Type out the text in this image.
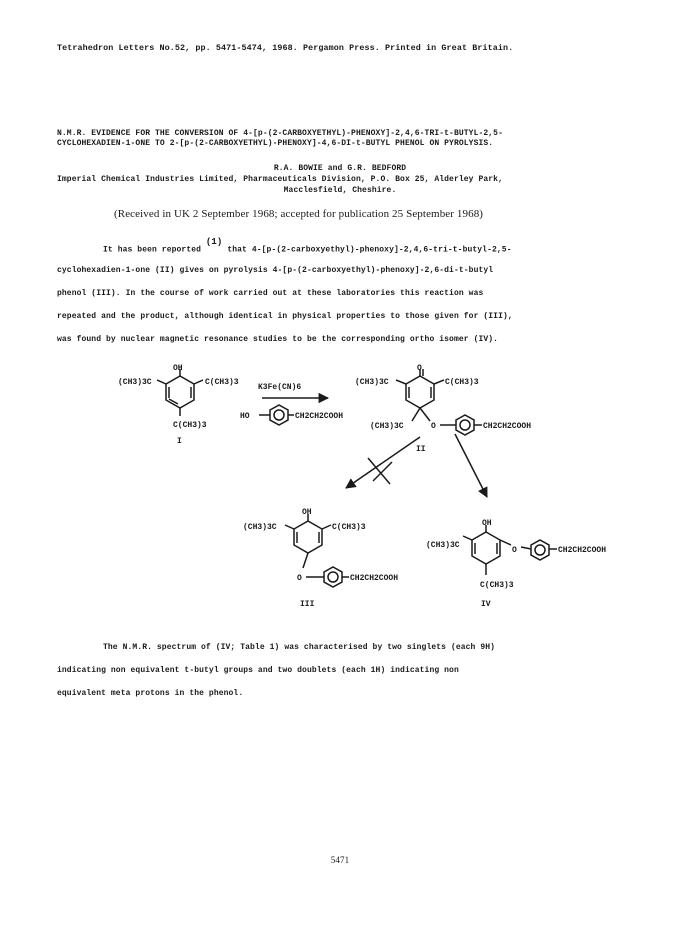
Tetrahedron Letters No.52, pp. 5471-5474, 1968. Pergamon Press. Printed in Great Britain.
N.M.R. EVIDENCE FOR THE CONVERSION OF 4-[p-(2-CARBOXYETHYL)-PHENOXY]-2,4,6-TRI-t-BUTYL-2,5-
CYCLOHEXADIEN-1-ONE TO 2-[p-(2-CARBOXYETHYL)-PHENOXY]-4,6-DI-t-BUTYL PHENOL ON PYROLYSIS.
R.A. BOWIE and G.R. BEDFORD
Imperial Chemical Industries Limited, Pharmaceuticals Division, P.O. Box 25, Alderley Park,
Macclesfield, Cheshire.
(Received in UK 2 September 1968; accepted for publication 25 September 1968)
It has been reported $^{(1)}$ that 4-[p-(2-carboxyethyl)-phenoxy]-2,4,6-tri-t-butyl-2,5-
cyclohexadien-1-one (II) gives on pyrolysis 4-[p-(2-carboxyethyl)-phenoxy]-2,6-di-t-butyl
phenol (III). In the course of work carried out at these laboratories this reaction was
repeated and the product, although identical in physical properties to those given for (III),
was found by nuclear magnetic resonance studies to be the corresponding ortho isomer (IV).
OH
(CH3)3C	C(CH3)3
C(CH3)3
I
K3Fe(CN)6
HO	CH2CH2COOH
O
(CH3)3C	C(CH3)3
(CH3)3C	O	CH2CH2COOH
II
OH
(CH3)3C	C(CH3)3
O	CH2CH2COOH
III
OH
(CH3)3C
O	CH2CH2COOH
C(CH3)3
IV
The N.M.R. spectrum of (IV; Table 1) was characterised by two singlets (each 9H)
indicating non equivalent t-butyl groups and two doublets (each 1H) indicating non
equivalent meta protons in the phenol.
5471
